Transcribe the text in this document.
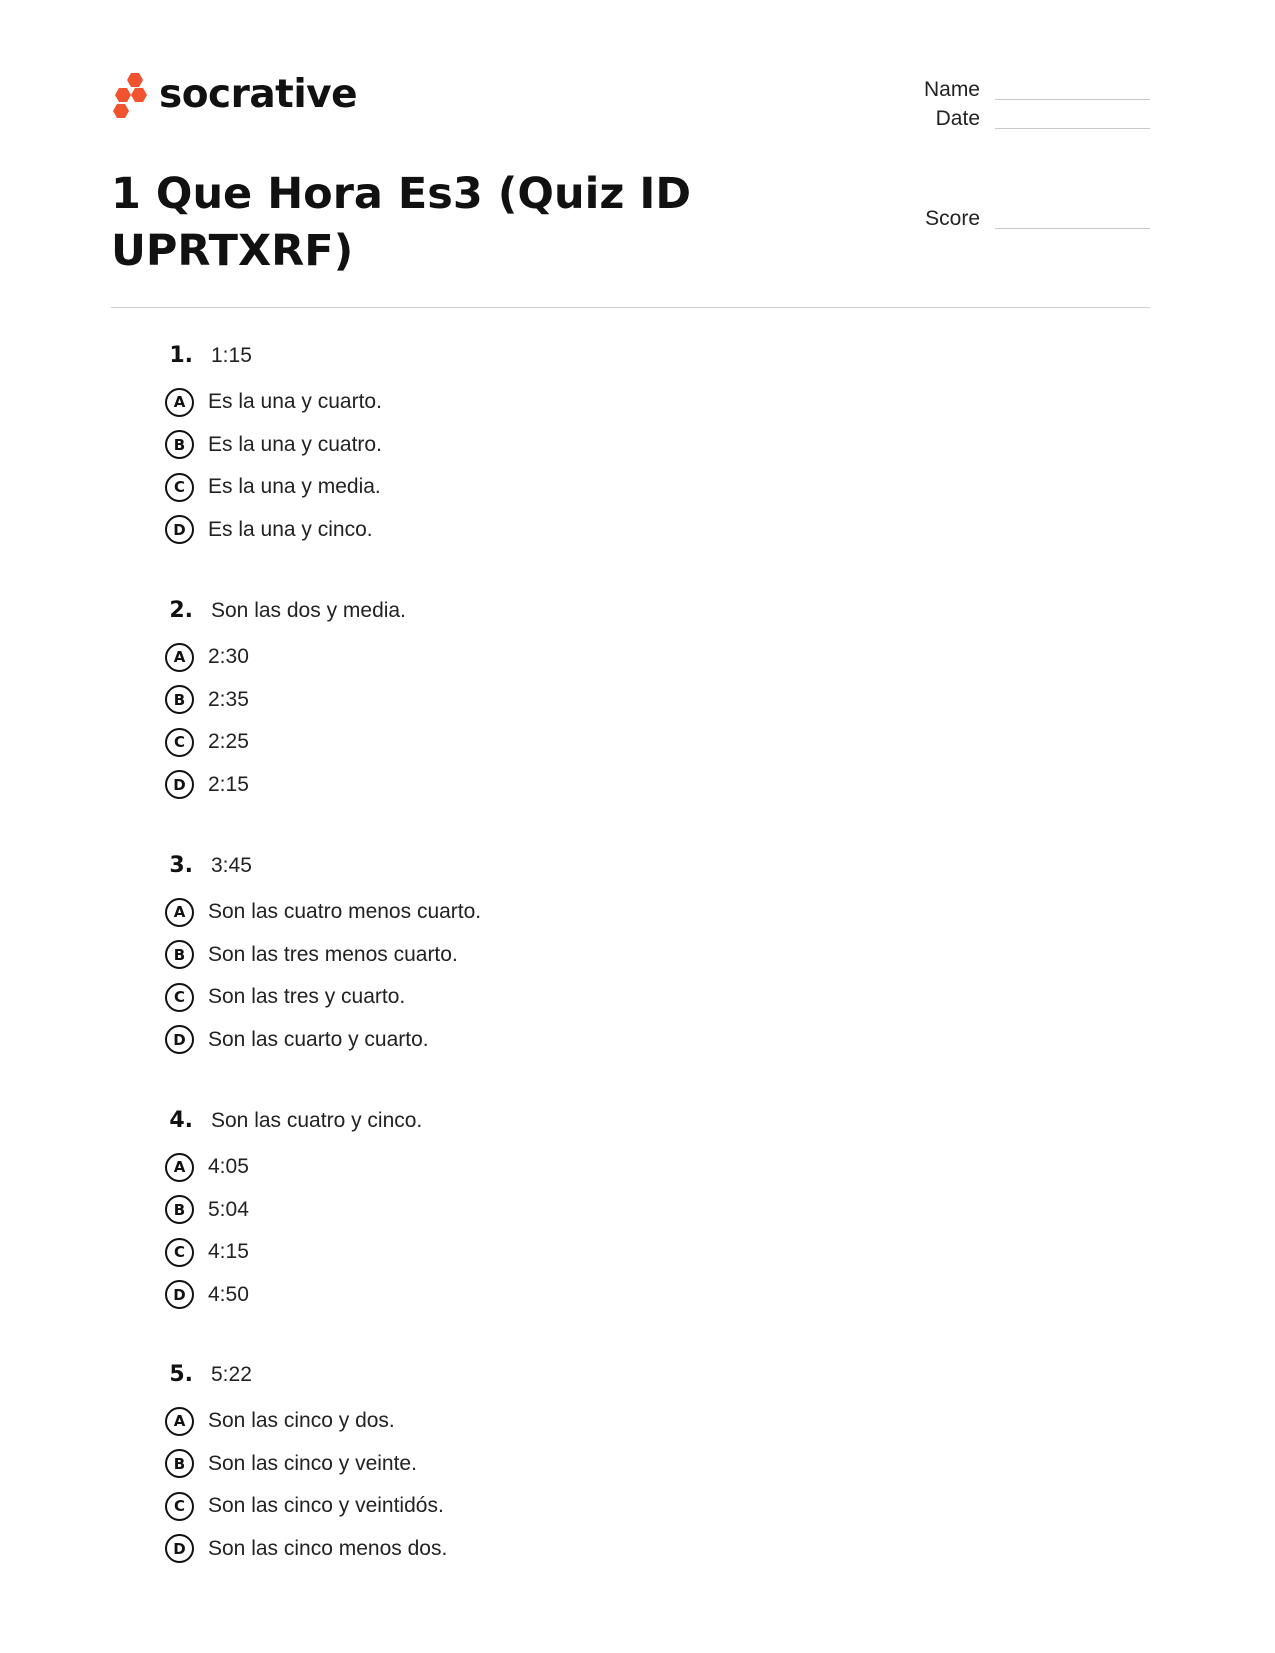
socrative
1 Que Hora Es3 (Quiz ID UPRTXRF)
Name
Date
Score
1. 1:15
A	Es la una y cuarto.
B	Es la una y cuatro.
C	Es la una y media.
D	Es la una y cinco.
2. Son las dos y media.
A	2:30
B	2:35
C	2:25
D	2:15
3. 3:45
A	Son las cuatro menos cuarto.
B	Son las tres menos cuarto.
C	Son las tres y cuarto.
D	Son las cuarto y cuarto.
4. Son las cuatro y cinco.
A	4:05
B	5:04
C	4:15
D	4:50
5. 5:22
A	Son las cinco y dos.
B	Son las cinco y veinte.
C	Son las cinco y veintidós.
D	Son las cinco menos dos.
